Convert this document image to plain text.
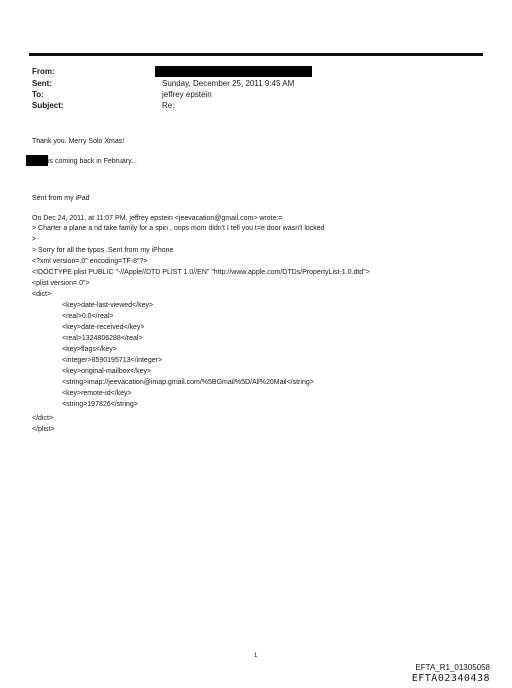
From:
Sent:	Sunday, December 25, 2011 9:45 AM
To:	jeffrey epstein
Subject:	Re:
Thank you. Merry Solo Xmas!
is coming back in February...
Sent from my iPad
On Dec 24, 2011, at 11:07 PM, jeffrey epstein <jeevacation@gmail.com> wrote:=
> Charter a plane a nd take family for a spin , oops mom didn't I tell you t=e door wasn't locked
>
> Sorry for all the typos .Sent from my iPhone
<?xml version=.0" encoding=TF-8"?>
<!DOCTYPE plist PUBLIC "-//Apple//DTD PLIST 1.0//EN" "http://www.apple.com/DTDs/PropertyList-1.0.dtd">
<plist version=.0">
<dict>
<key>date-last-viewed</key>
<real>0.0</real>
<key>date-received</key>
<real>1324806288</real>
<key>flags</key>
<integer>8590195713</integer>
<key>original-mailbox</key>
<string>imap://jeevacation@imap.gmail.com/%5BGmail%5D/All%20Mail</string>
<key>remote-id</key>
<string>197826</string>
</dict>
</plist>
1
EFTA_R1_01305058
EFTA02340438
